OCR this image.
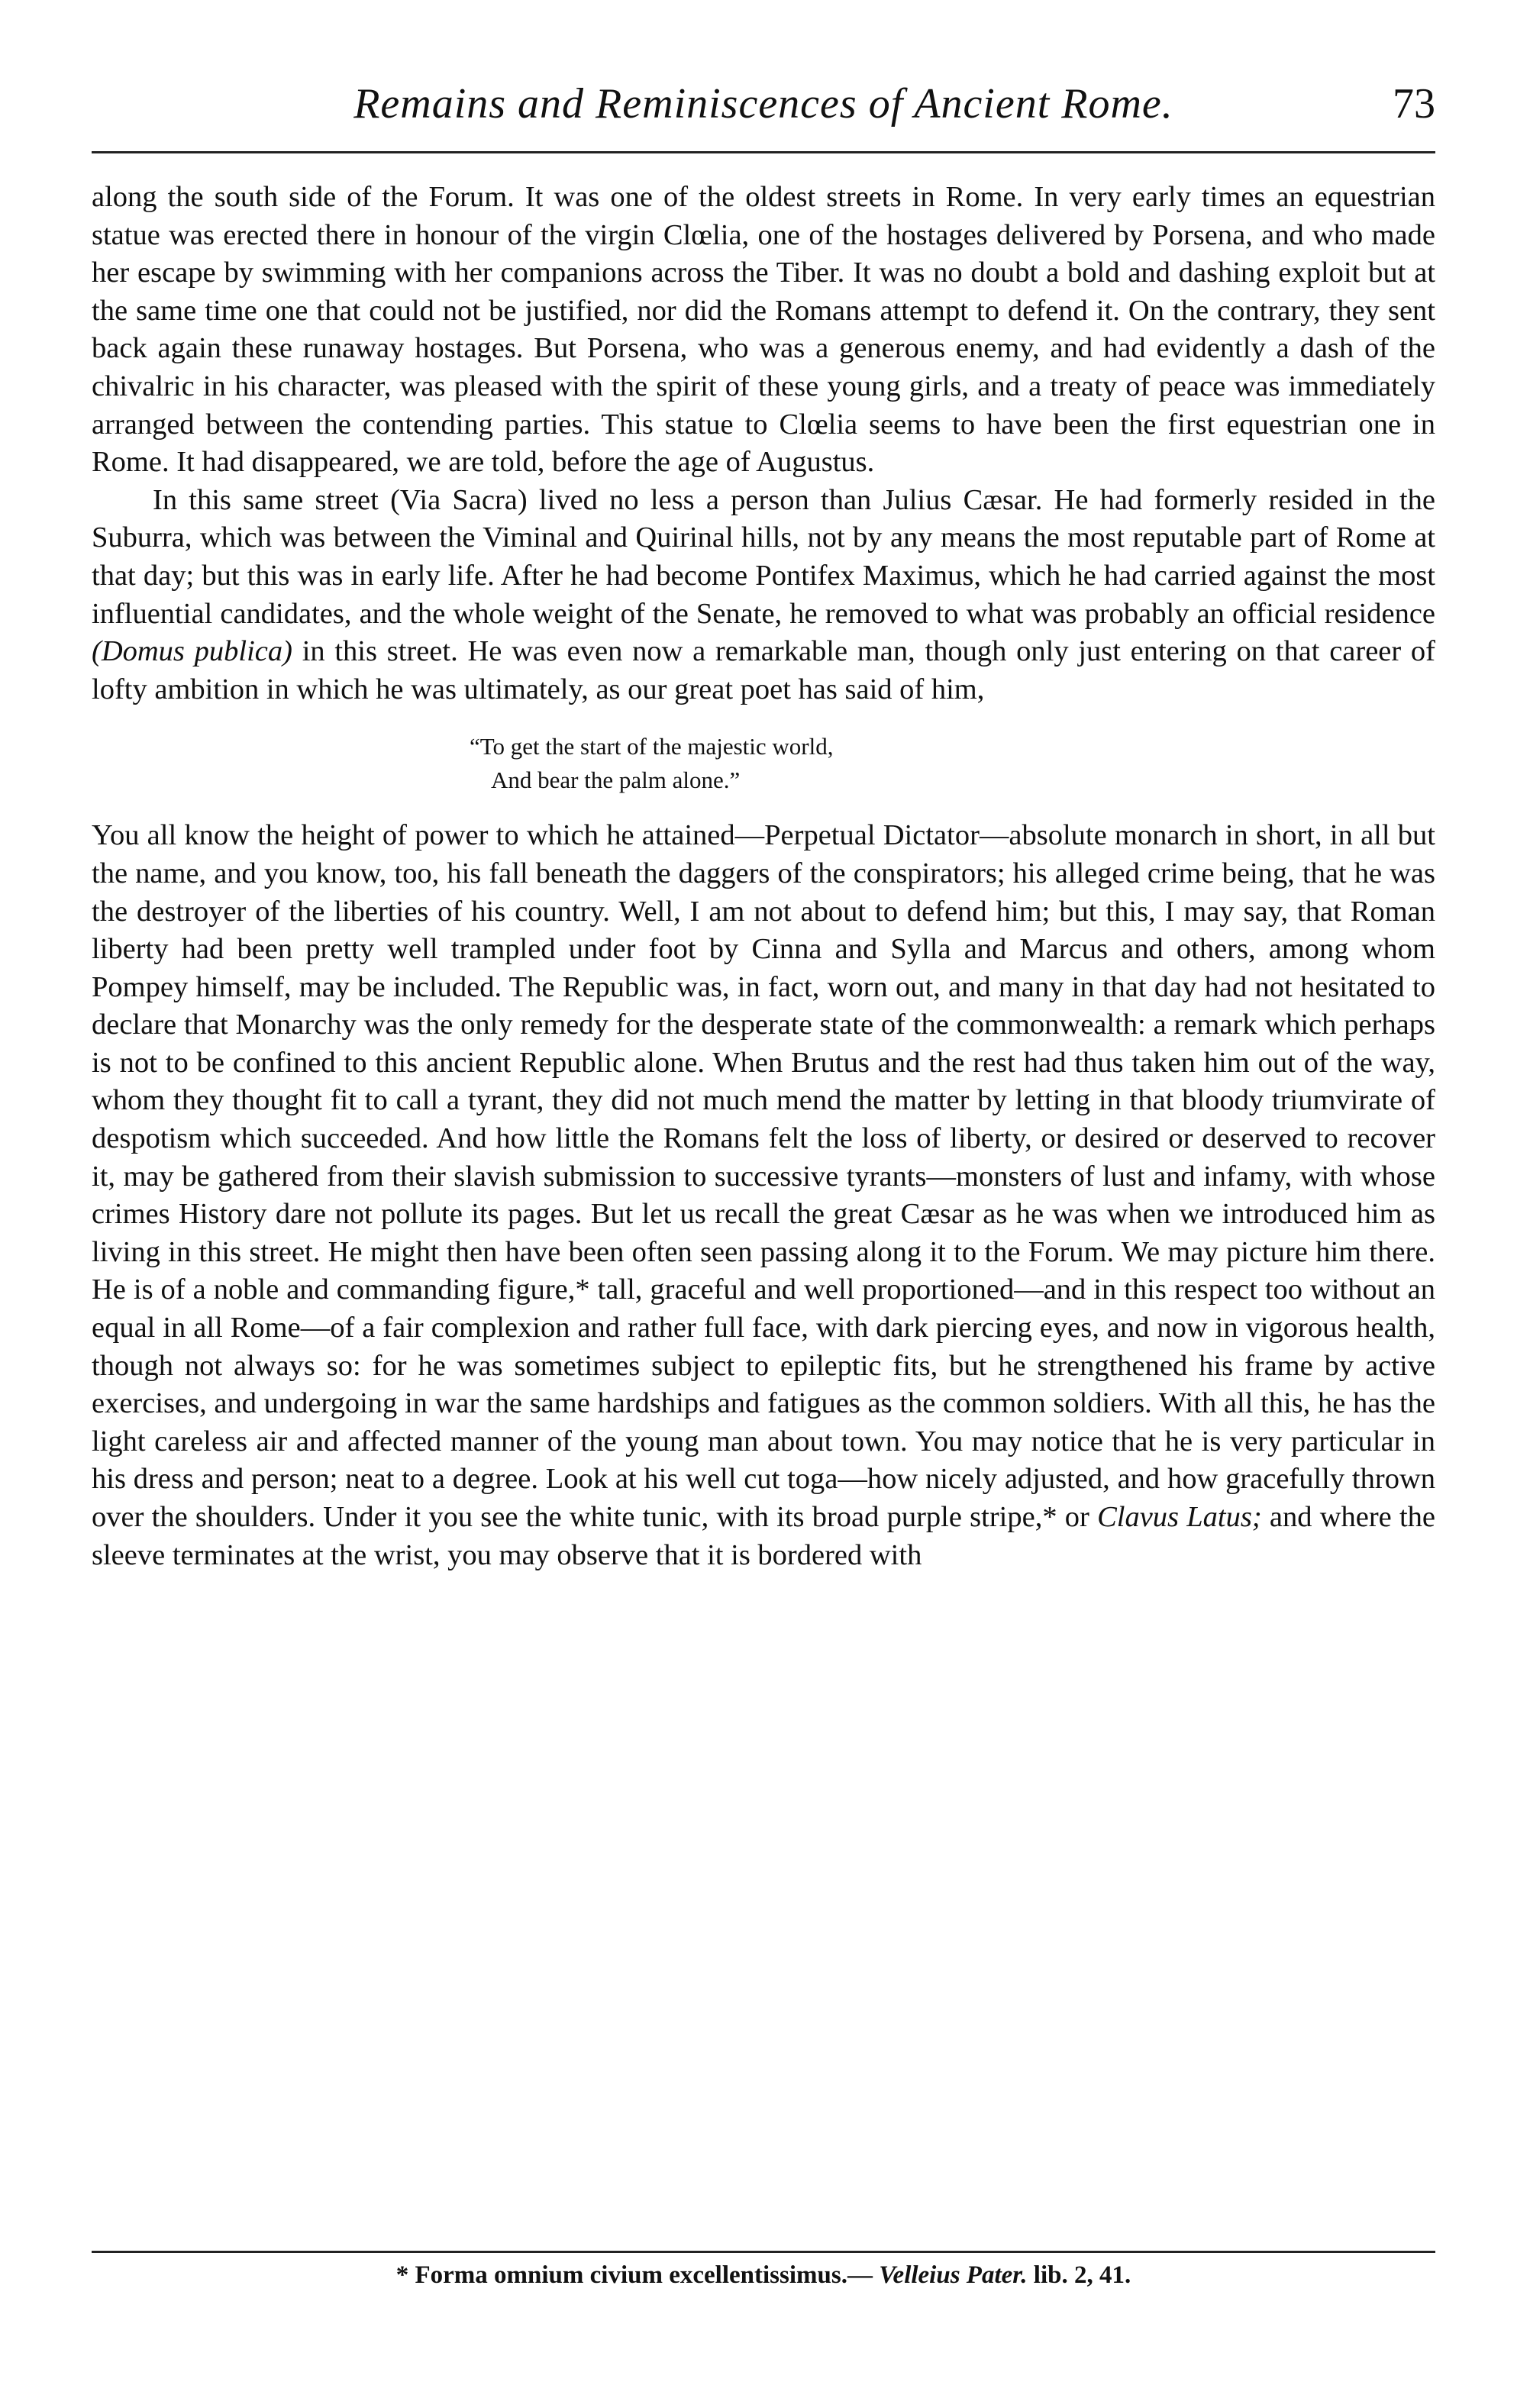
Remains and Reminiscences of Ancient Rome.	73

along the south side of the Forum. It was one of the oldest streets in Rome. In very early times an equestrian statue was erected there in honour of the virgin Clœlia, one of the hostages delivered by Porsena, and who made her escape by swimming with her companions across the Tiber. It was no doubt a bold and dashing exploit but at the same time one that could not be justified, nor did the Romans attempt to defend it. On the contrary, they sent back again these runaway hostages. But Porsena, who was a generous enemy, and had evidently a dash of the chivalric in his character, was pleased with the spirit of these young girls, and a treaty of peace was immediately arranged between the contending parties. This statue to Clœlia seems to have been the first equestrian one in Rome. It had disappeared, we are told, before the age of Augustus.

In this same street (Via Sacra) lived no less a person than Julius Cæsar. He had formerly resided in the Suburra, which was between the Viminal and Quirinal hills, not by any means the most reputable part of Rome at that day; but this was in early life. After he had become Pontifex Maximus, which he had carried against the most influential candidates, and the whole weight of the Senate, he removed to what was probably an official residence (Domus publica) in this street. He was even now a remarkable man, though only just entering on that career of lofty ambition in which he was ultimately, as our great poet has said of him,

“To get the start of the majestic world,
And bear the palm alone.”

You all know the height of power to which he attained—Perpetual Dictator—absolute monarch in short, in all but the name, and you know, too, his fall beneath the daggers of the conspirators; his alleged crime being, that he was the destroyer of the liberties of his country. Well, I am not about to defend him; but this, I may say, that Roman liberty had been pretty well trampled under foot by Cinna and Sylla and Marcus and others, among whom Pompey himself, may be included. The Republic was, in fact, worn out, and many in that day had not hesitated to declare that Monarchy was the only remedy for the desperate state of the commonwealth: a remark which perhaps is not to be confined to this ancient Republic alone. When Brutus and the rest had thus taken him out of the way, whom they thought fit to call a tyrant, they did not much mend the matter by letting in that bloody triumvirate of despotism which succeeded. And how little the Romans felt the loss of liberty, or desired or deserved to recover it, may be gathered from their slavish submission to successive tyrants—monsters of lust and infamy, with whose crimes History dare not pollute its pages. But let us recall the great Cæsar as he was when we introduced him as living in this street. He might then have been often seen passing along it to the Forum. We may picture him there. He is of a noble and commanding figure,* tall, graceful and well proportioned—and in this respect too without an equal in all Rome—of a fair complexion and rather full face, with dark piercing eyes, and now in vigorous health, though not always so: for he was sometimes subject to epileptic fits, but he strengthened his frame by active exercises, and undergoing in war the same hardships and fatigues as the common soldiers. With all this, he has the light careless air and affected manner of the young man about town. You may notice that he is very particular in his dress and person; neat to a degree. Look at his well cut toga—how nicely adjusted, and how gracefully thrown over the shoulders. Under it you see the white tunic, with its broad purple stripe,* or Clavus Latus; and where the sleeve terminates at the wrist, you may observe that it is bordered with

* Forma omnium civium excellentissimus.— Velleius Pater. lib. 2, 41.
